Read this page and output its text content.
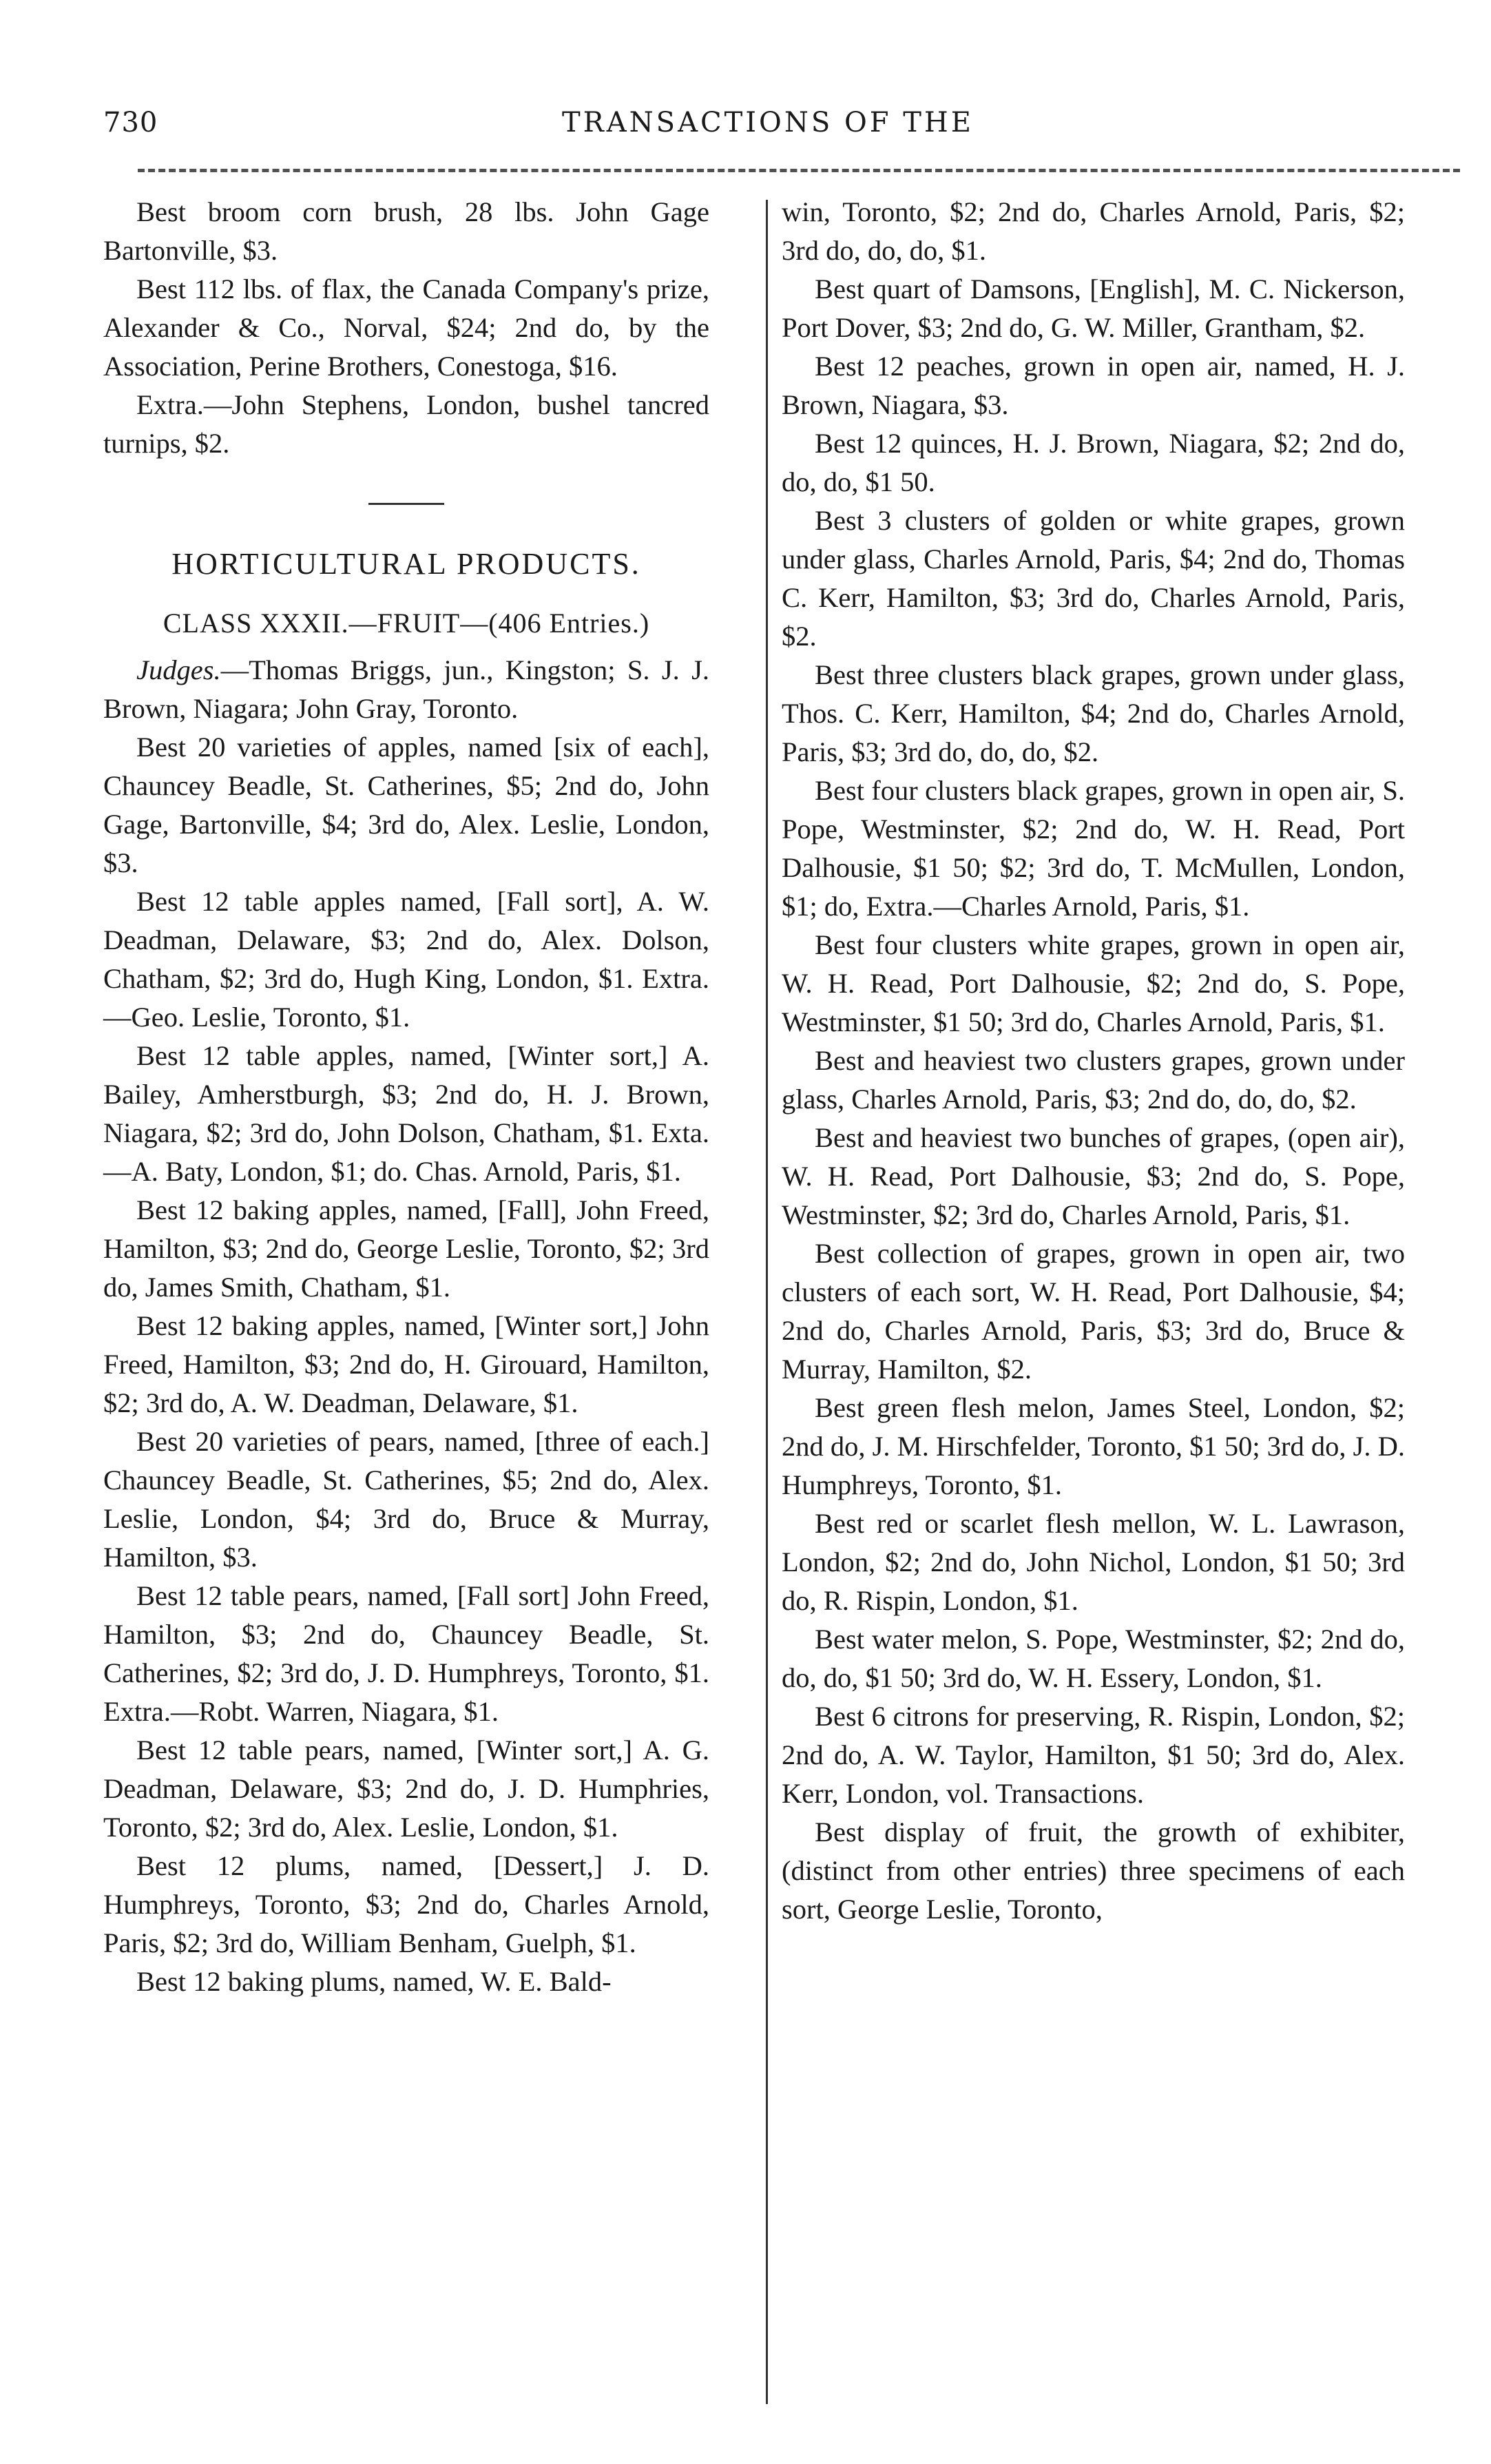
730	TRANSACTIONS OF THE

Best broom corn brush, 28 lbs. John Gage Bartonville, $3.

Best 112 lbs. of flax, the Canada Company's prize, Alexander & Co., Norval, $24; 2nd do, by the Association, Perine Brothers, Conestoga, $16.

Extra.—John Stephens, London, bushel tancred turnips, $2.

HORTICULTURAL PRODUCTS.
CLASS XXXII.—FRUIT—(406 Entries.)

Judges.—Thomas Briggs, jun., Kingston; S. J. J. Brown, Niagara; John Gray, Toronto.

Best 20 varieties of apples, named [six of each], Chauncey Beadle, St. Catherines, $5; 2nd do, John Gage, Bartonville, $4; 3rd do, Alex. Leslie, London, $3.

Best 12 table apples named, [Fall sort], A. W. Deadman, Delaware, $3; 2nd do, Alex. Dolson, Chatham, $2; 3rd do, Hugh King, London, $1. Extra.—Geo. Leslie, Toronto, $1.

Best 12 table apples, named, [Winter sort,] A. Bailey, Amherstburgh, $3; 2nd do, H. J. Brown, Niagara, $2; 3rd do, John Dolson, Chatham, $1. Exta.—A. Baty, London, $1; do. Chas. Arnold, Paris, $1.

Best 12 baking apples, named, [Fall], John Freed, Hamilton, $3; 2nd do, George Leslie, Toronto, $2; 3rd do, James Smith, Chatham, $1.

Best 12 baking apples, named, [Winter sort,] John Freed, Hamilton, $3; 2nd do, H. Girouard, Hamilton, $2; 3rd do, A. W. Deadman, Delaware, $1.

Best 20 varieties of pears, named, [three of each.] Chauncey Beadle, St. Catherines, $5; 2nd do, Alex. Leslie, London, $4; 3rd do, Bruce & Murray, Hamilton, $3.

Best 12 table pears, named, [Fall sort] John Freed, Hamilton, $3; 2nd do, Chauncey Beadle, St. Catherines, $2; 3rd do, J. D. Humphreys, Toronto, $1. Extra.—Robt. Warren, Niagara, $1.

Best 12 table pears, named, [Winter sort,] A. G. Deadman, Delaware, $3; 2nd do, J. D. Humphries, Toronto, $2; 3rd do, Alex. Leslie, London, $1.

Best 12 plums, named, [Dessert,] J. D. Humphreys, Toronto, $3; 2nd do, Charles Arnold, Paris, $2; 3rd do, William Benham, Guelph, $1.

Best 12 baking plums, named, W. E. Bald-

win, Toronto, $2; 2nd do, Charles Arnold, Paris, $2; 3rd do, do, do, $1.

Best quart of Damsons, [English], M. C. Nickerson, Port Dover, $3; 2nd do, G. W. Miller, Grantham, $2.

Best 12 peaches, grown in open air, named, H. J. Brown, Niagara, $3.

Best 12 quinces, H. J. Brown, Niagara, $2; 2nd do, do, do, $1 50.

Best 3 clusters of golden or white grapes, grown under glass, Charles Arnold, Paris, $4; 2nd do, Thomas C. Kerr, Hamilton, $3; 3rd do, Charles Arnold, Paris, $2.

Best three clusters black grapes, grown under glass, Thos. C. Kerr, Hamilton, $4; 2nd do, Charles Arnold, Paris, $3; 3rd do, do, do, $2.

Best four clusters black grapes, grown in open air, S. Pope, Westminster, $2; 2nd do, W. H. Read, Port Dalhousie, $1 50; $2; 3rd do, T. McMullen, London, $1; do, Extra.—Charles Arnold, Paris, $1.

Best four clusters white grapes, grown in open air, W. H. Read, Port Dalhousie, $2; 2nd do, S. Pope, Westminster, $1 50; 3rd do, Charles Arnold, Paris, $1.

Best and heaviest two clusters grapes, grown under glass, Charles Arnold, Paris, $3; 2nd do, do, do, $2.

Best and heaviest two bunches of grapes, (open air), W. H. Read, Port Dalhousie, $3; 2nd do, S. Pope, Westminster, $2; 3rd do, Charles Arnold, Paris, $1.

Best collection of grapes, grown in open air, two clusters of each sort, W. H. Read, Port Dalhousie, $4; 2nd do, Charles Arnold, Paris, $3; 3rd do, Bruce & Murray, Hamilton, $2.

Best green flesh melon, James Steel, London, $2; 2nd do, J. M. Hirschfelder, Toronto, $1 50; 3rd do, J. D. Humphreys, Toronto, $1.

Best red or scarlet flesh mellon, W. L. Lawrason, London, $2; 2nd do, John Nichol, London, $1 50; 3rd do, R. Rispin, London, $1.

Best water melon, S. Pope, Westminster, $2; 2nd do, do, do, $1 50; 3rd do, W. H. Essery, London, $1.

Best 6 citrons for preserving, R. Rispin, London, $2; 2nd do, A. W. Taylor, Hamilton, $1 50; 3rd do, Alex. Kerr, London, vol. Transactions.

Best display of fruit, the growth of exhibiter, (distinct from other entries) three specimens of each sort, George Leslie, Toronto,
